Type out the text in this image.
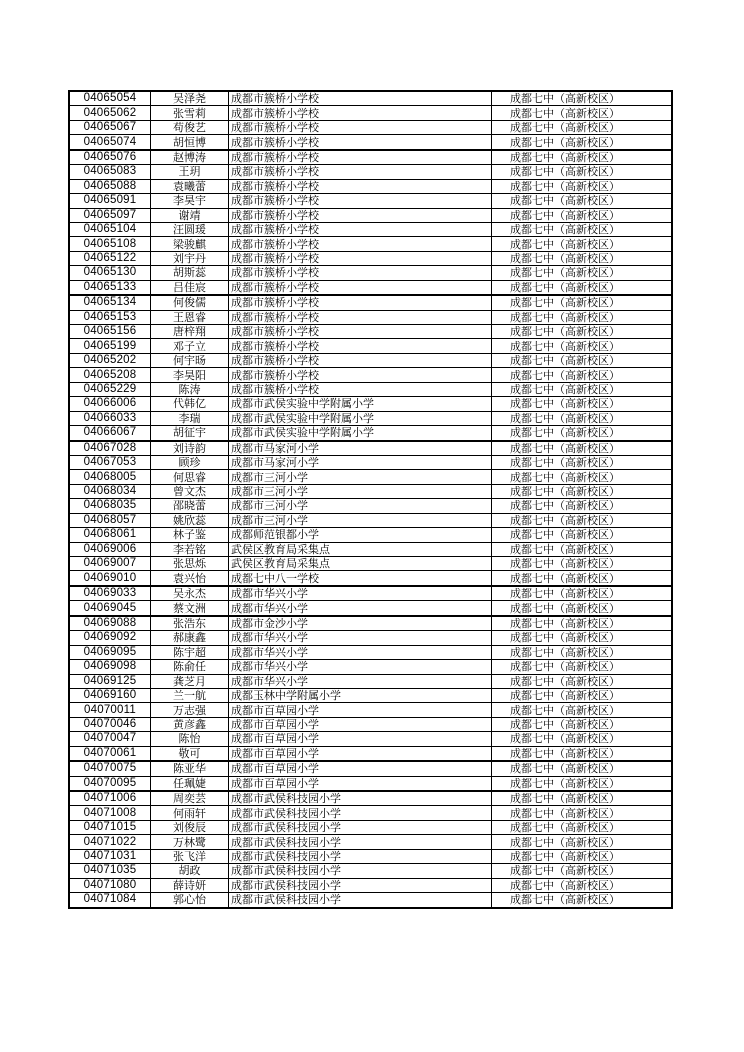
04065054	吴泽尧	成都市簇桥小学校	成都七中（高新校区）
04065062	张雪莉	成都市簇桥小学校	成都七中（高新校区）
04065067	苟俊艺	成都市簇桥小学校	成都七中（高新校区）
04065074	胡恒博	成都市簇桥小学校	成都七中（高新校区）
04065076	赵博涛	成都市簇桥小学校	成都七中（高新校区）
04065083	王玥	成都市簇桥小学校	成都七中（高新校区）
04065088	袁曦蕾	成都市簇桥小学校	成都七中（高新校区）
04065091	李昊宇	成都市簇桥小学校	成都七中（高新校区）
04065097	谢靖	成都市簇桥小学校	成都七中（高新校区）
04065104	汪圆瑗	成都市簇桥小学校	成都七中（高新校区）
04065108	梁骏麒	成都市簇桥小学校	成都七中（高新校区）
04065122	刘宇丹	成都市簇桥小学校	成都七中（高新校区）
04065130	胡斯蕊	成都市簇桥小学校	成都七中（高新校区）
04065133	吕佳宸	成都市簇桥小学校	成都七中（高新校区）
04065134	何俊儒	成都市簇桥小学校	成都七中（高新校区）
04065153	王恩睿	成都市簇桥小学校	成都七中（高新校区）
04065156	唐梓翔	成都市簇桥小学校	成都七中（高新校区）
04065199	邓子立	成都市簇桥小学校	成都七中（高新校区）
04065202	何宇旸	成都市簇桥小学校	成都七中（高新校区）
04065208	李昊阳	成都市簇桥小学校	成都七中（高新校区）
04065229	陈涛	成都市簇桥小学校	成都七中（高新校区）
04066006	代韩亿	成都市武侯实验中学附属小学	成都七中（高新校区）
04066033	李瑞	成都市武侯实验中学附属小学	成都七中（高新校区）
04066067	胡征宇	成都市武侯实验中学附属小学	成都七中（高新校区）
04067028	刘诗韵	成都市马家河小学	成都七中（高新校区）
04067053	顾珍	成都市马家河小学	成都七中（高新校区）
04068005	何思睿	成都市三河小学	成都七中（高新校区）
04068034	曾文杰	成都市三河小学	成都七中（高新校区）
04068035	邵晓蕾	成都市三河小学	成都七中（高新校区）
04068057	姚欣蕊	成都市三河小学	成都七中（高新校区）
04068061	林子鉴	成都师范银都小学	成都七中（高新校区）
04069006	李若铭	武侯区教育局采集点	成都七中（高新校区）
04069007	张思烁	武侯区教育局采集点	成都七中（高新校区）
04069010	袁兴怡	成都七中八一学校	成都七中（高新校区）
04069033	吴永杰	成都市华兴小学	成都七中（高新校区）
04069045	蔡文洲	成都市华兴小学	成都七中（高新校区）
04069088	张浩东	成都市金沙小学	成都七中（高新校区）
04069092	郝康鑫	成都市华兴小学	成都七中（高新校区）
04069095	陈宇超	成都市华兴小学	成都七中（高新校区）
04069098	陈俞任	成都市华兴小学	成都七中（高新校区）
04069125	龚芝月	成都市华兴小学	成都七中（高新校区）
04069160	兰一航	成都玉林中学附属小学	成都七中（高新校区）
04070011	万志强	成都市百草园小学	成都七中（高新校区）
04070046	黄彦鑫	成都市百草园小学	成都七中（高新校区）
04070047	陈怡	成都市百草园小学	成都七中（高新校区）
04070061	敬可	成都市百草园小学	成都七中（高新校区）
04070075	陈亚华	成都市百草园小学	成都七中（高新校区）
04070095	任珮婕	成都市百草园小学	成都七中（高新校区）
04071006	周奕芸	成都市武侯科技园小学	成都七中（高新校区）
04071008	何雨轩	成都市武侯科技园小学	成都七中（高新校区）
04071015	刘俊辰	成都市武侯科技园小学	成都七中（高新校区）
04071022	万林鹭	成都市武侯科技园小学	成都七中（高新校区）
04071031	张飞洋	成都市武侯科技园小学	成都七中（高新校区）
04071035	胡政	成都市武侯科技园小学	成都七中（高新校区）
04071080	薛诗妍	成都市武侯科技园小学	成都七中（高新校区）
04071084	郭心怡	成都市武侯科技园小学	成都七中（高新校区）
